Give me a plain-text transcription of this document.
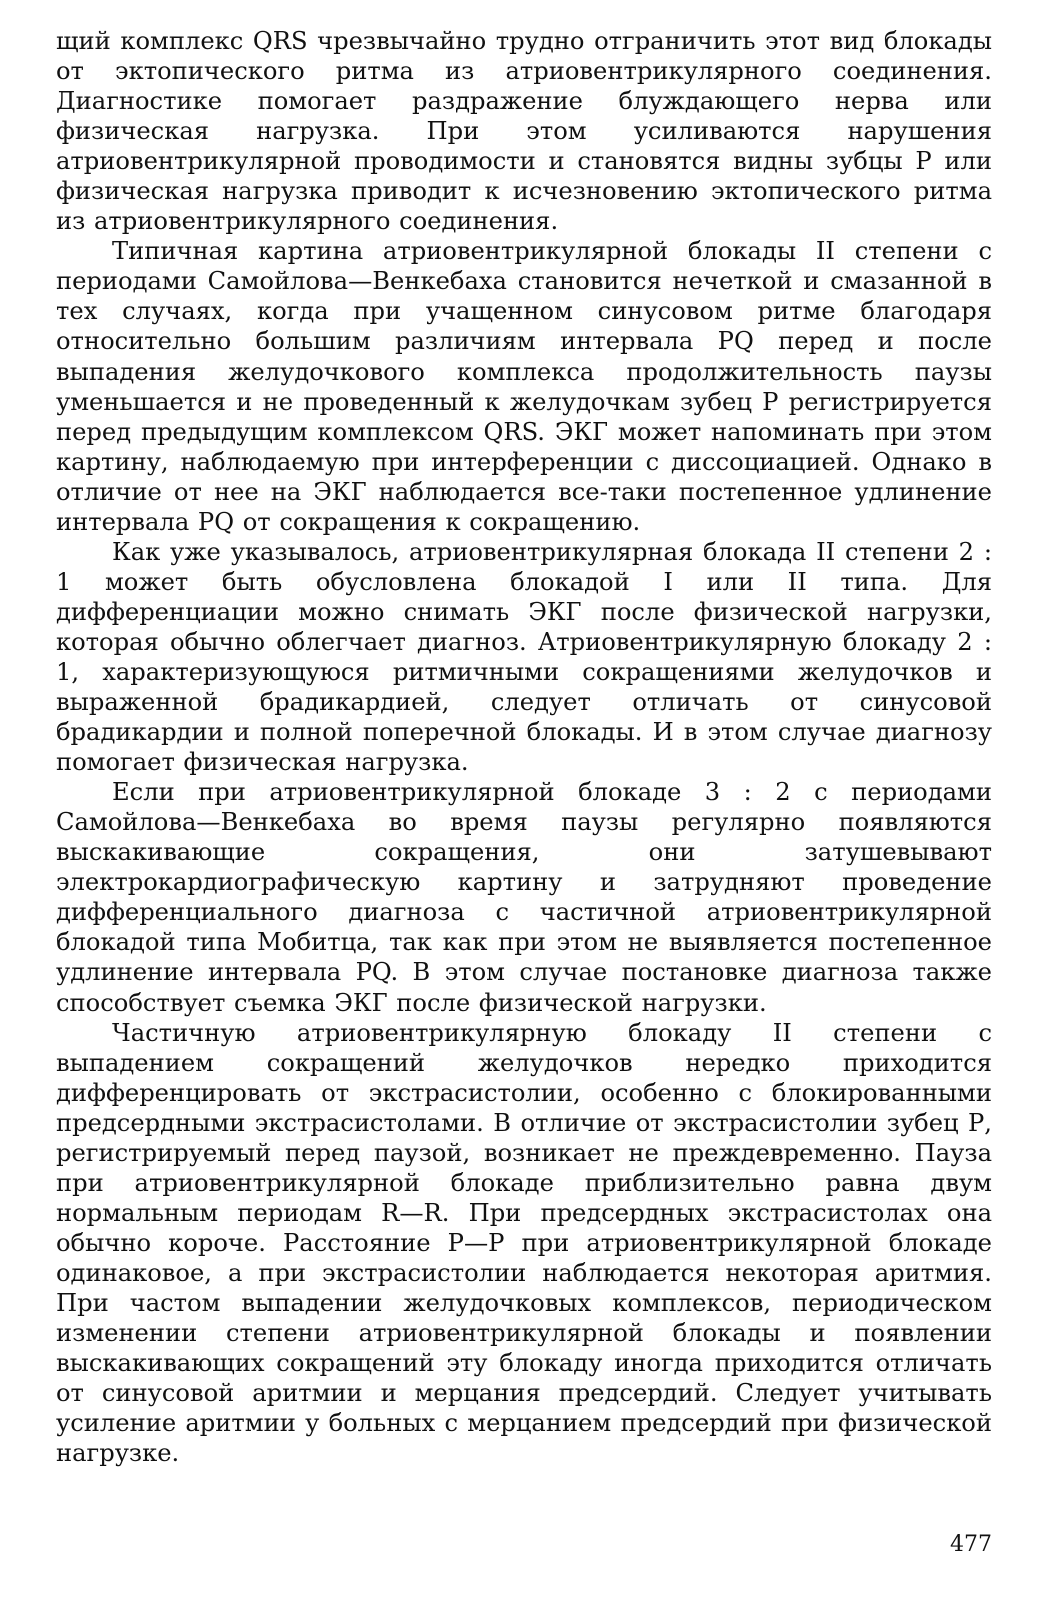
щий комплекс QRS чрезвычайно трудно отграничить этот вид блокады от эктопического ритма из атриовентрикулярного соединения. Диагностике помогает раздражение блуждающего нерва или физическая нагрузка. При этом усиливаются нарушения атриовентрикулярной проводимости и становятся видны зубцы Р или физическая нагрузка приводит к исчезновению эктопического ритма из атриовентрикулярного соединения.

Типичная картина атриовентрикулярной блокады II степени с периодами Самойлова—Венкебаха становится нечеткой и смазанной в тех случаях, когда при учащенном синусовом ритме благодаря относительно большим различиям интервала PQ перед и после выпадения желудочкового комплекса продолжительность паузы уменьшается и не проведенный к желудочкам зубец Р регистрируется перед предыдущим комплексом QRS. ЭКГ может напоминать при этом картину, наблюдаемую при интерференции с диссоциацией. Однако в отличие от нее на ЭКГ наблюдается все-таки постепенное удлинение интервала PQ от сокращения к сокращению.

Как уже указывалось, атриовентрикулярная блокада II степени 2 : 1 может быть обусловлена блокадой I или II типа. Для дифференциации можно снимать ЭКГ после физической нагрузки, которая обычно облегчает диагноз. Атриовентрикулярную блокаду 2 : 1, характеризующуюся ритмичными сокращениями желудочков и выраженной брадикардией, следует отличать от синусовой брадикардии и полной поперечной блокады. И в этом случае диагнозу помогает физическая нагрузка.

Если при атриовентрикулярной блокаде 3 : 2 с периодами Самойлова—Венкебаха во время паузы регулярно появляются выскакивающие сокращения, они затушевывают электрокардиографическую картину и затрудняют проведение дифференциального диагноза с частичной атриовентрикулярной блокадой типа Мобитца, так как при этом не выявляется постепенное удлинение интервала PQ. В этом случае постановке диагноза также способствует съемка ЭКГ после физической нагрузки.

Частичную атриовентрикулярную блокаду II степени с выпадением сокращений желудочков нередко приходится дифференцировать от экстрасистолии, особенно с блокированными предсердными экстрасистолами. В отличие от экстрасистолии зубец Р, регистрируемый перед паузой, возникает не преждевременно. Пауза при атриовентрикулярной блокаде приблизительно равна двум нормальным периодам R—R. При предсердных экстрасистолах она обычно короче. Расстояние Р—Р при атриовентрикулярной блокаде одинаковое, а при экстрасистолии наблюдается некоторая аритмия. При частом выпадении желудочковых комплексов, периодическом изменении степени атриовентрикулярной блокады и появлении выскакивающих сокращений эту блокаду иногда приходится отличать от синусовой аритмии и мерцания предсердий. Следует учитывать усиление аритмии у больных с мерцанием предсердий при физической нагрузке.

477
